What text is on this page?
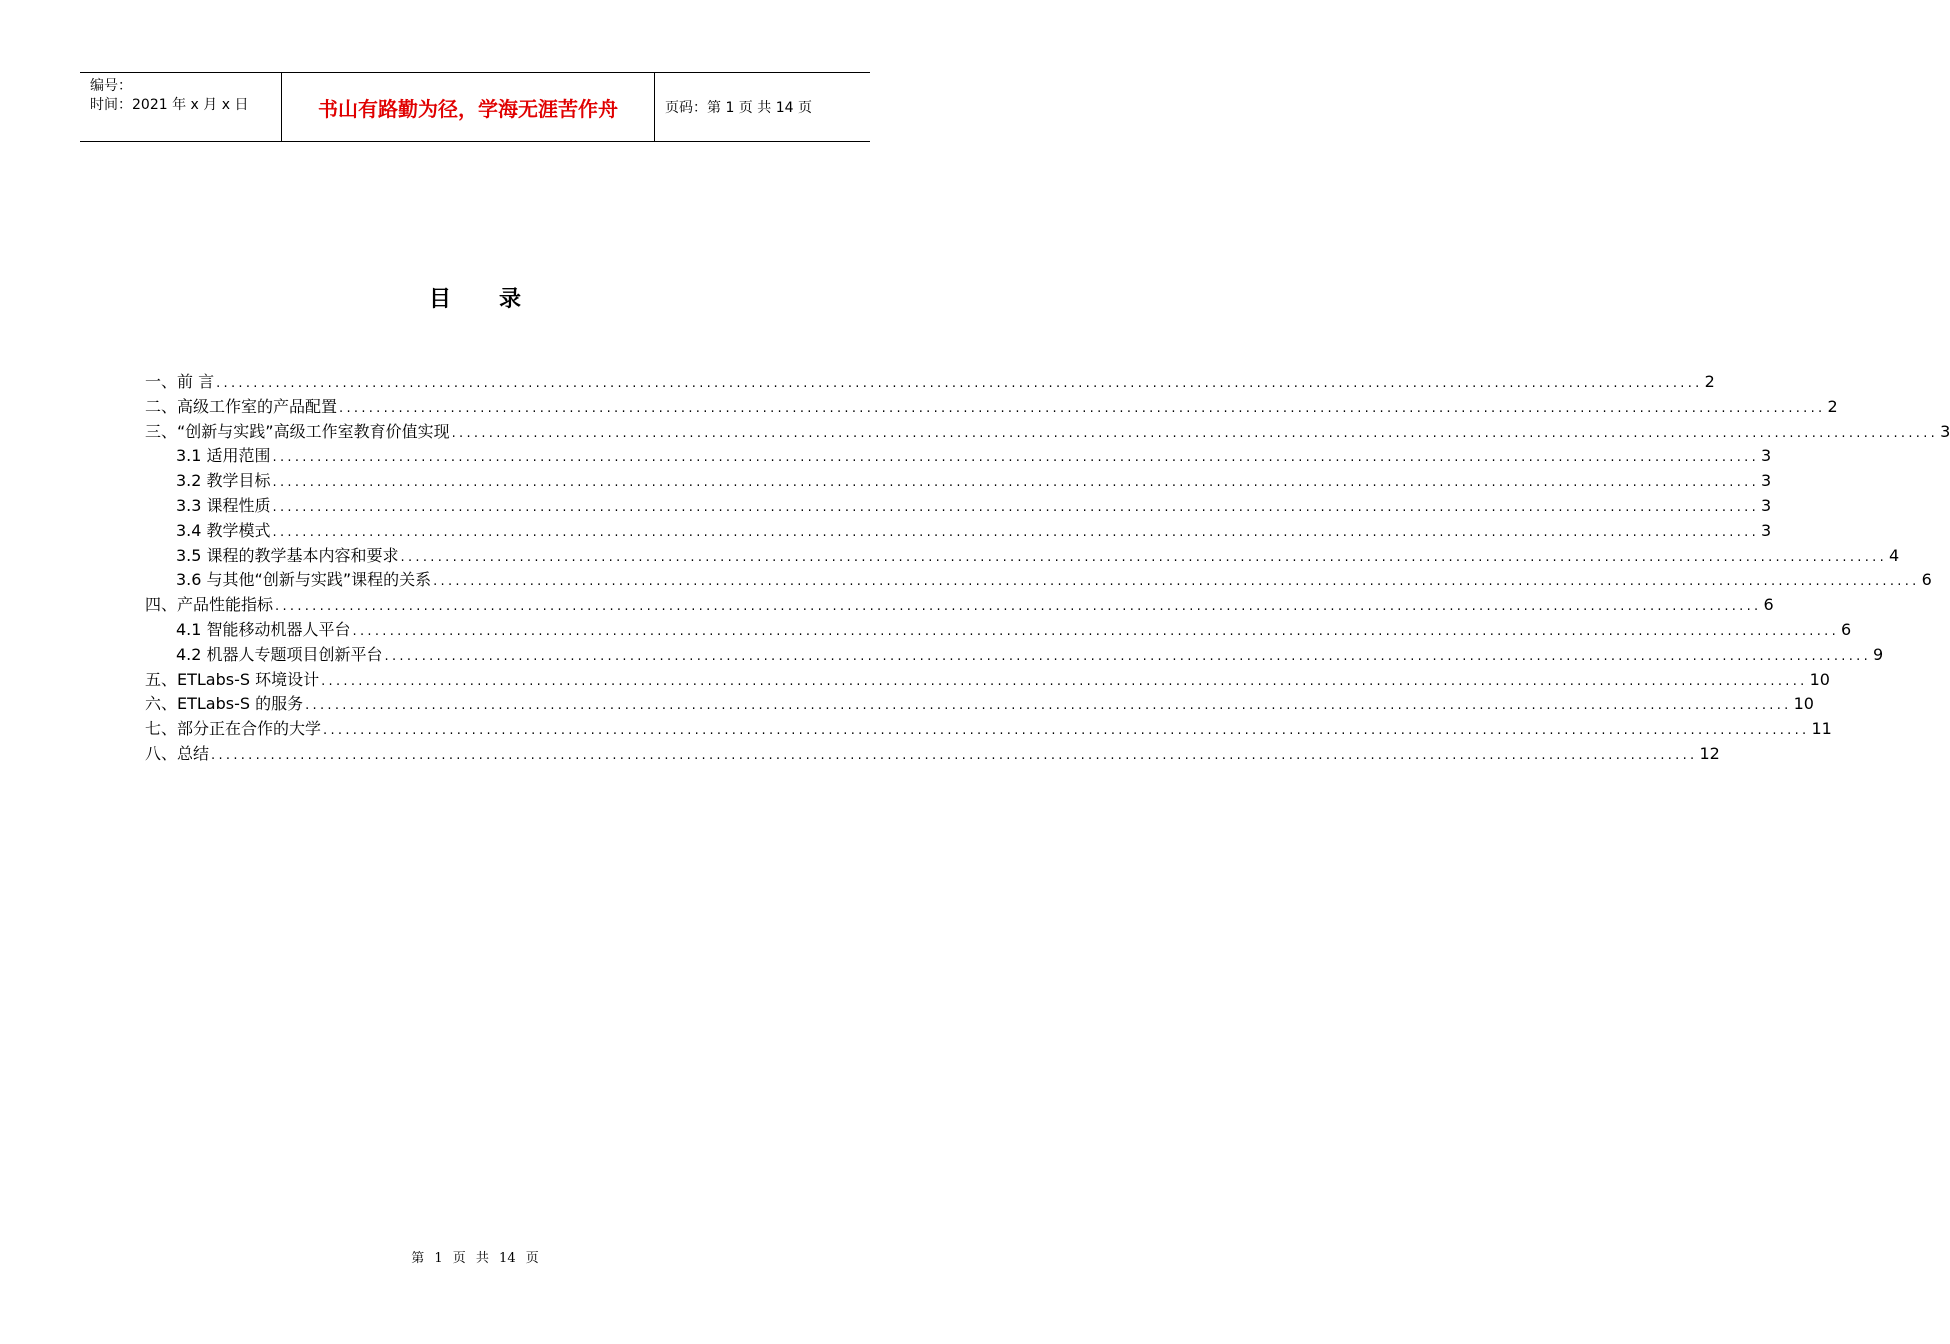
编号：
时间：2021 年 x 月 x 日	书山有路勤为径，学海无涯苦作舟	页码：第 1 页 共 14 页
目 录
一、前 言 ........................................................................................................................................................................................................ 2
二、高级工作室的产品配置 ........................................................................................................................................................................................................ 2
三、“创新与实践”高级工作室教育价值实现 ........................................................................................................................................................................................................ 3
3.1 适用范围 ........................................................................................................................................................................................................ 3
3.2 教学目标 ........................................................................................................................................................................................................ 3
3.3 课程性质 ........................................................................................................................................................................................................ 3
3.4 教学模式 ........................................................................................................................................................................................................ 3
3.5 课程的教学基本内容和要求 ........................................................................................................................................................................................................ 4
3.6 与其他“创新与实践”课程的关系 ........................................................................................................................................................................................................ 6
四、产品性能指标 ........................................................................................................................................................................................................ 6
4.1 智能移动机器人平台 ........................................................................................................................................................................................................ 6
4.2 机器人专题项目创新平台 ........................................................................................................................................................................................................ 9
五、ETLabs-S 环境设计 ........................................................................................................................................................................................................ 10
六、ETLabs-S 的服务 ........................................................................................................................................................................................................ 10
七、部分正在合作的大学 ........................................................................................................................................................................................................ 11
八、总结 ........................................................................................................................................................................................................ 12
第 1 页 共 14 页
